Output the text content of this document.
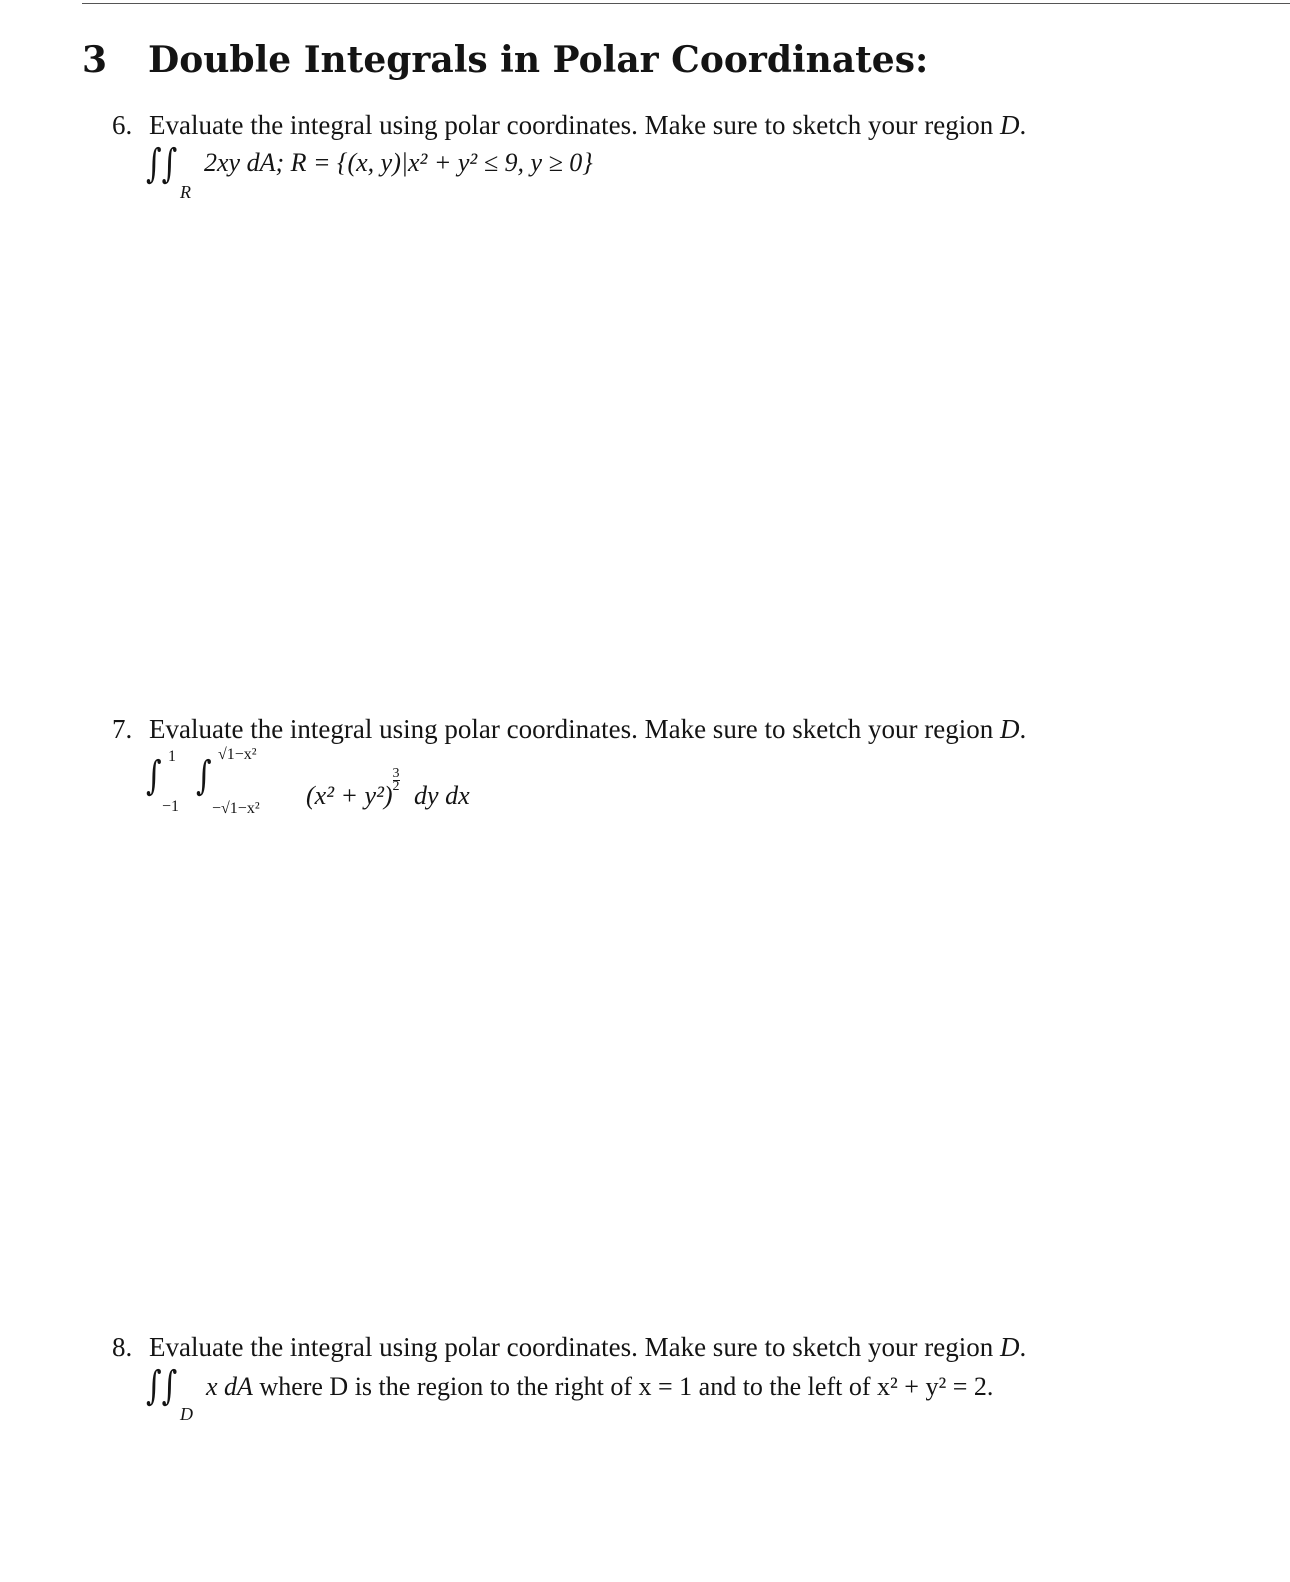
3 Double Integrals in Polar Coordinates:
6. Evaluate the integral using polar coordinates. Make sure to sketch your region D.
∫∫
R
2xy dA; R = {(x, y)|x² + y² ≤ 9, y ≥ 0}
7. Evaluate the integral using polar coordinates. Make sure to sketch your region D.
∫ 1
−1
∫ √1−x²
−√1−x² $(x^2 + y^2)\frac{3}{2}$
dy dx
8. Evaluate the integral using polar coordinates. Make sure to sketch your region D.
∫∫
D
x dA where D is the region to the right of x = 1 and to the left of x² + y² = 2.
